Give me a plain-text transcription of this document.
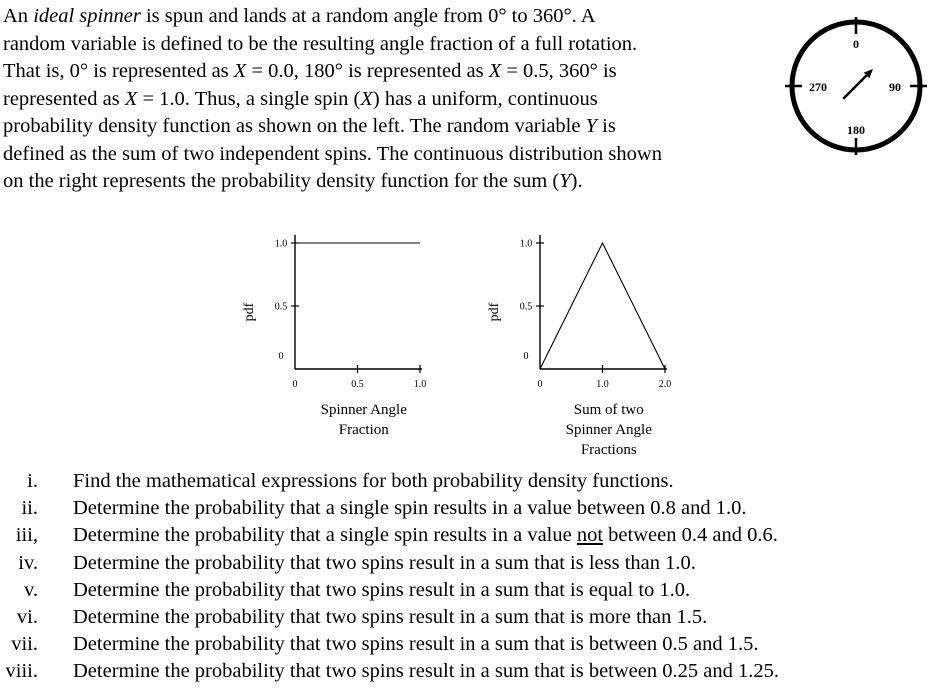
An ideal spinner is spun and lands at a random angle from 0° to 360°. A

random variable is defined to be the resulting angle fraction of a full rotation.

That is, 0° is represented as X = 0.0, 180° is represented as X = 0.5, 360° is

represented as X = 1.0. Thus, a single spin (X) has a uniform, continuous

probability density function as shown on the left. The random variable Y is

defined as the sum of two independent spins. The continuous distribution shown

on the right represents the probability density function for the sum (Y).

0
90
180
270
0
0.5
1.0
0	0.5	1.0
pdf
Spinner Angle
Fraction
0
0.5
1.0
0	1.0	2.0
pdf
Sum of two
Spinner Angle
Fractions
i. Find the mathematical expressions for both probability density functions.
ii. Determine the probability that a single spin results in a value between 0.8 and 1.0.
iii, Determine the probability that a single spin results in a value not between 0.4 and 0.6.
iv. Determine the probability that two spins result in a sum that is less than 1.0.
v. Determine the probability that two spins result in a sum that is equal to 1.0.
vi. Determine the probability that two spins result in a sum that is more than 1.5.
vii. Determine the probability that two spins result in a sum that is between 0.5 and 1.5.
viii. Determine the probability that two spins result in a sum that is between 0.25 and 1.25.
